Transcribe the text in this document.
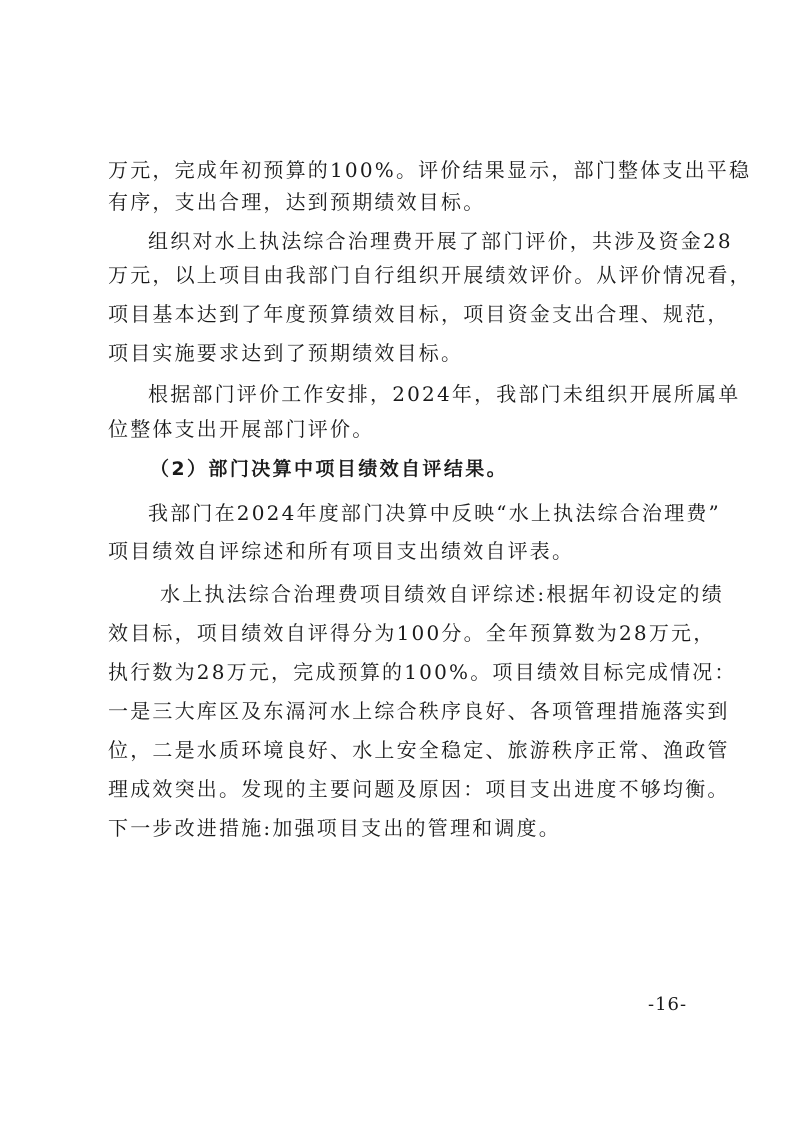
万元，完成年初预算的100%。评价结果显示，部门整体支出平稳
有序，支出合理，达到预期绩效目标。
组织对水上执法综合治理费开展了部门评价，共涉及资金28
万元，以上项目由我部门自行组织开展绩效评价。从评价情况看，
项目基本达到了年度预算绩效目标，项目资金支出合理、规范，
项目实施要求达到了预期绩效目标。
根据部门评价工作安排，2024年，我部门未组织开展所属单
位整体支出开展部门评价。
（2）部门决算中项目绩效自评结果。
我部门在2024年度部门决算中反映“水上执法综合治理费”
项目绩效自评综述和所有项目支出绩效自评表。
水上执法综合治理费项目绩效自评综述:根据年初设定的绩
效目标，项目绩效自评得分为100分。全年预算数为28万元，
执行数为28万元，完成预算的100%。项目绩效目标完成情况：
一是三大库区及东滆河水上综合秩序良好、各项管理措施落实到
位，二是水质环境良好、水上安全稳定、旅游秩序正常、渔政管
理成效突出。发现的主要问题及原因：项目支出进度不够均衡。
下一步改进措施:加强项目支出的管理和调度。
-16-
